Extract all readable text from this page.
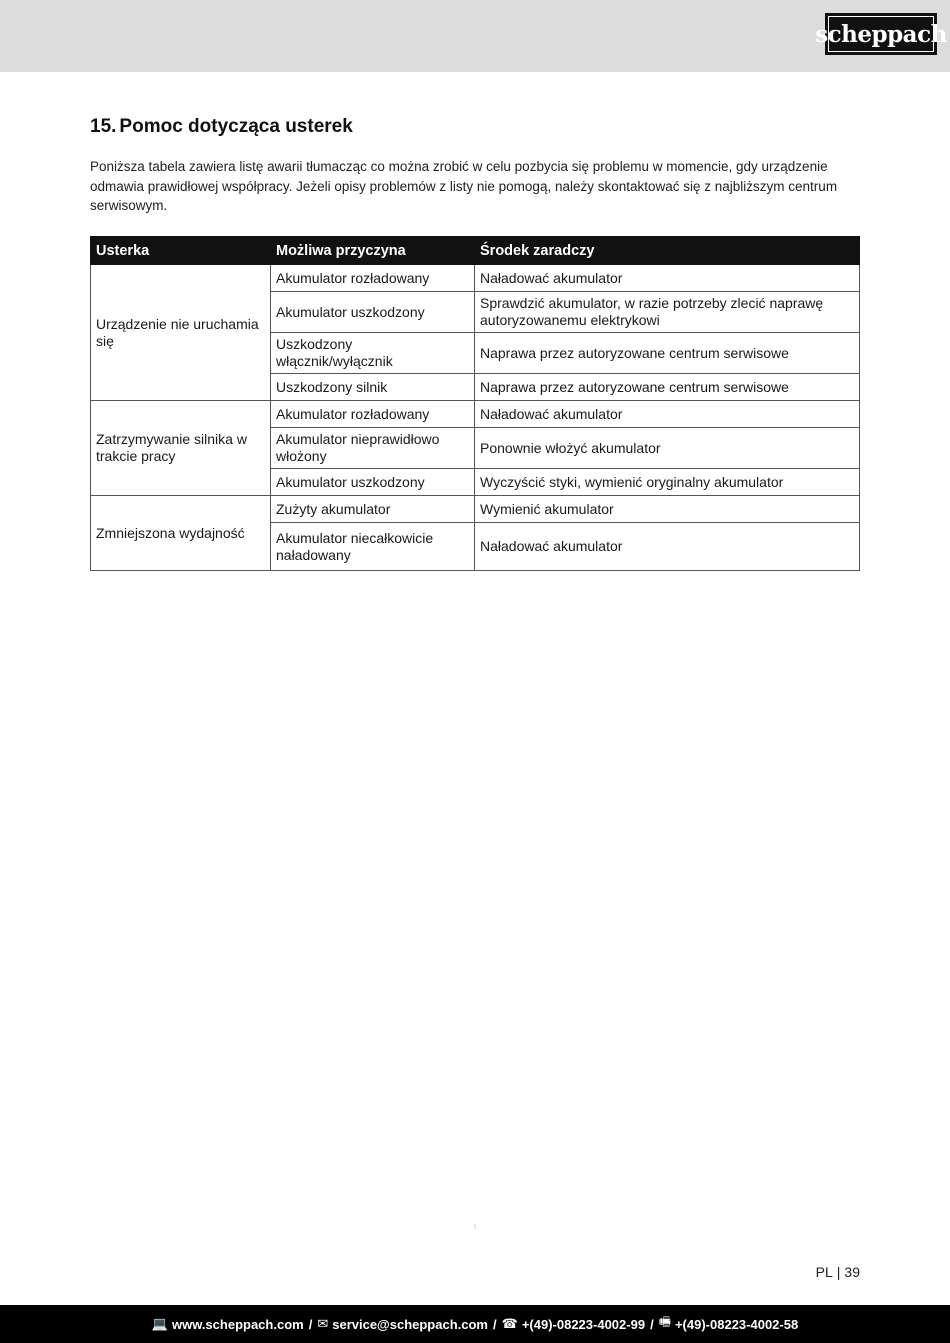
scheppach
15. Pomoc dotycząca usterek

Poniższa tabela zawiera listę awarii tłumacząc co można zrobić w celu pozbycia się problemu w momencie, gdy urządzenie odmawia prawidłowej współpracy. Jeżeli opisy problemów z listy nie pomogą, należy skontaktować się z najbliższym centrum serwisowym.

Usterka	Możliwa przyczyna	Środek zaradczy
Urządzenie nie uruchamia się	Akumulator rozładowany	Naładować akumulator
	Akumulator uszkodzony	Sprawdzić akumulator, w razie potrzeby zlecić naprawę autoryzowanemu elektrykowi
	Uszkodzony włącznik/wyłącznik	Naprawa przez autoryzowane centrum serwisowe
	Uszkodzony silnik	Naprawa przez autoryzowane centrum serwisowe
Zatrzymywanie silnika w trakcie pracy	Akumulator rozładowany	Naładować akumulator
	Akumulator nieprawidłowo włożony	Ponownie włożyć akumulator
	Akumulator uszkodzony	Wyczyścić styki, wymienić oryginalny akumulator
Zmniejszona wydajność	Zużyty akumulator	Wymienić akumulator
	Akumulator niecałkowicie naładowany	Naładować akumulator
I
PL | 39
💻 www.scheppach.com / ✉ service@scheppach.com / ☎ +(49)-08223-4002-99 / 🖷 +(49)-08223-4002-58
